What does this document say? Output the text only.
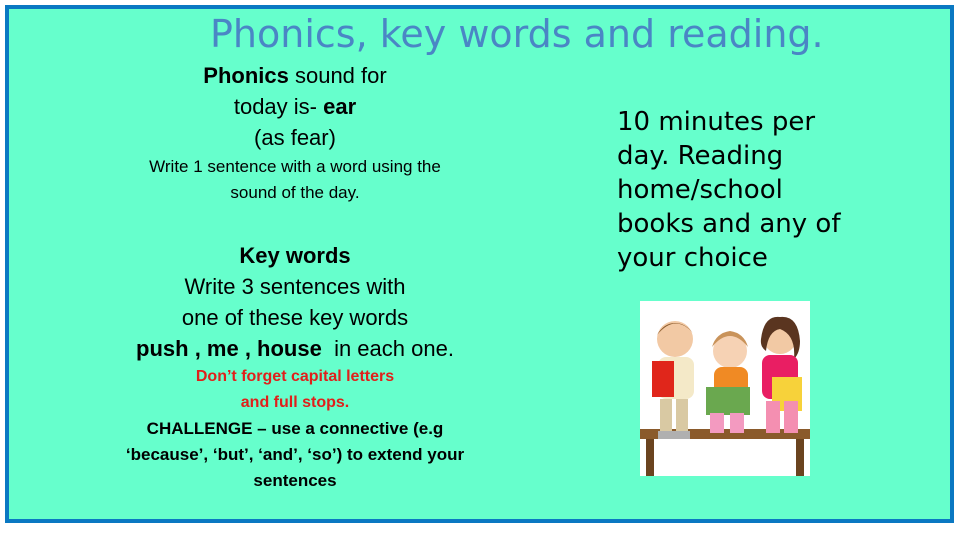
Phonics, key words and reading.
Phonics sound for
today is- ear
(as fear)
Write 1 sentence with a word using the
sound of the day.
Key words
Write 3 sentences with
one of these key words
push , me , house  in each one.
Don’t forget capital letters
and full stops.
CHALLENGE – use a connective (e.g
‘because’, ‘but’, ‘and’, ‘so’) to extend your
sentences
10 minutes per
day. Reading
home/school
books and any of
your choice
